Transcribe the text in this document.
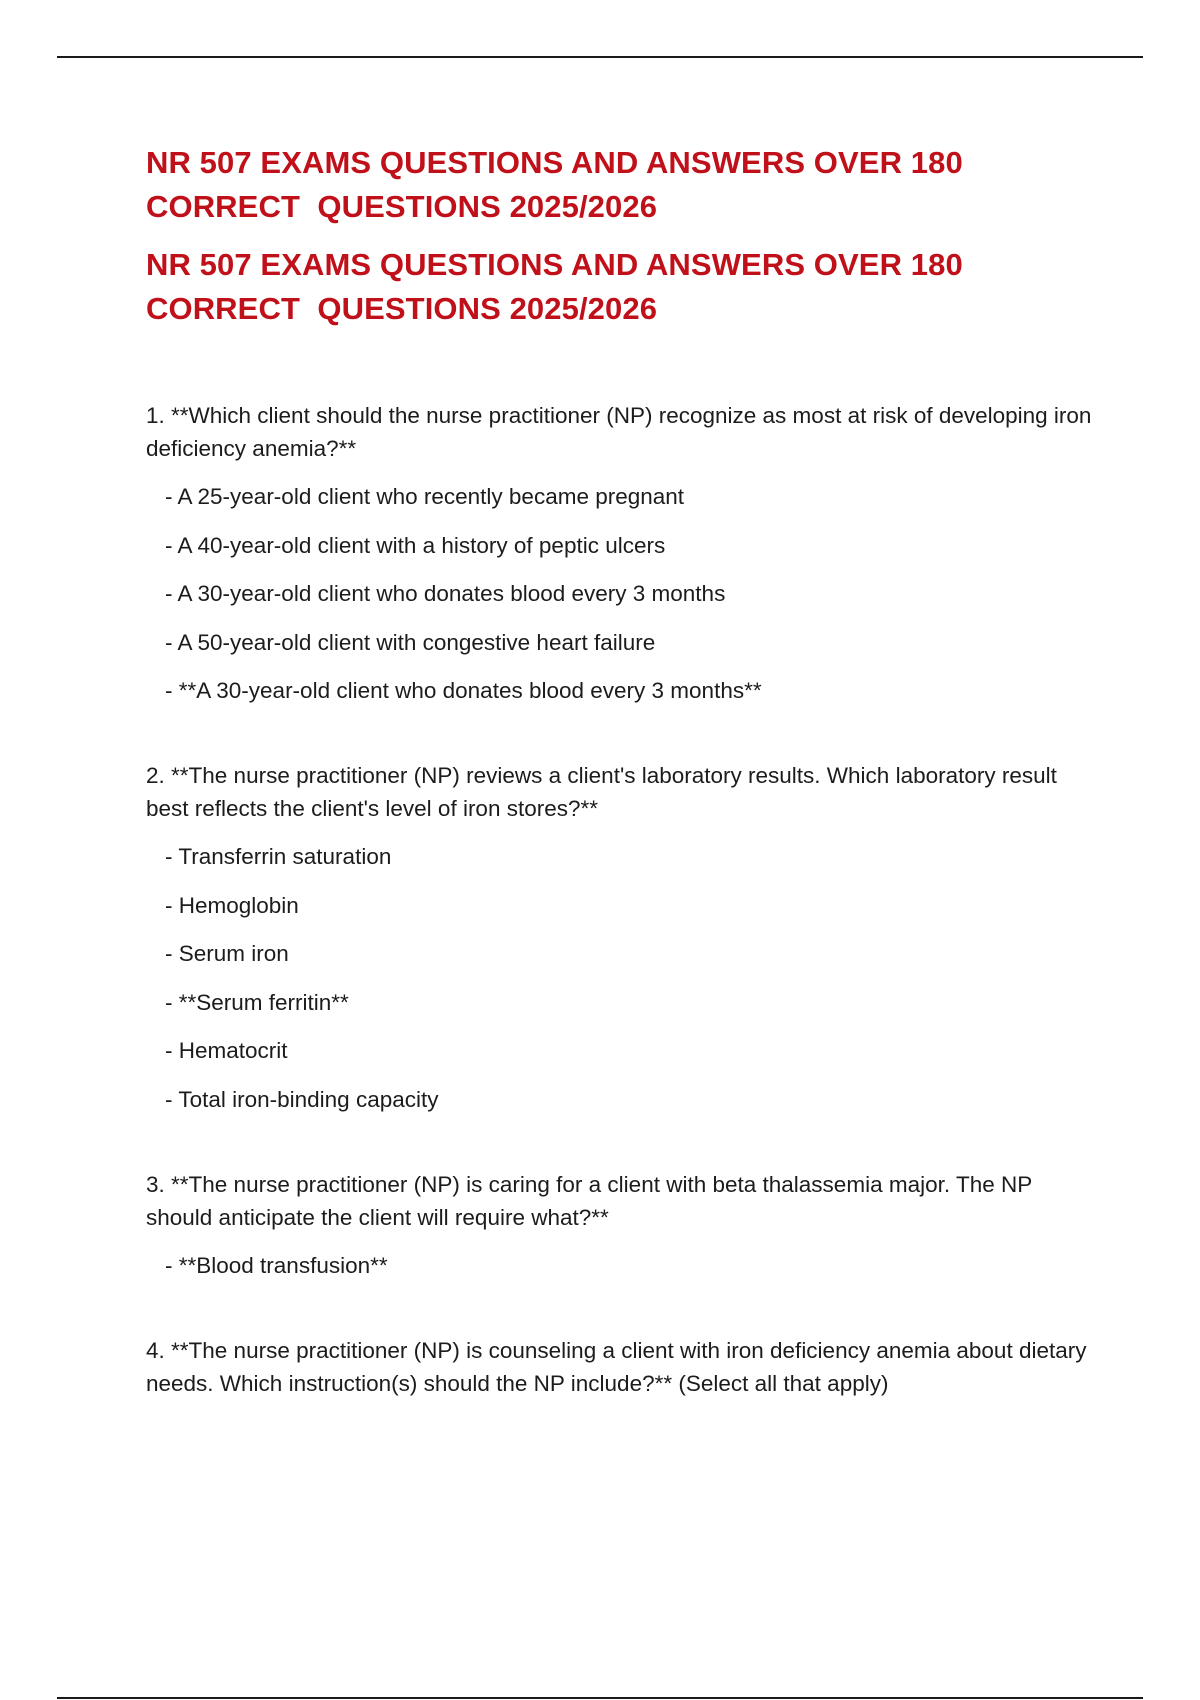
NR 507 EXAMS QUESTIONS AND ANSWERS OVER 180
CORRECT  QUESTIONS 2025/2026
NR 507 EXAMS QUESTIONS AND ANSWERS OVER 180
CORRECT  QUESTIONS 2025/2026

1. **Which client should the nurse practitioner (NP) recognize as most at risk of developing iron deficiency anemia?**

- A 25-year-old client who recently became pregnant
- A 40-year-old client with a history of peptic ulcers
- A 30-year-old client who donates blood every 3 months
- A 50-year-old client with congestive heart failure
- **A 30-year-old client who donates blood every 3 months**

2. **The nurse practitioner (NP) reviews a client's laboratory results. Which laboratory result best reflects the client's level of iron stores?**

- Transferrin saturation
- Hemoglobin
- Serum iron
- **Serum ferritin**
- Hematocrit
- Total iron-binding capacity

3. **The nurse practitioner (NP) is caring for a client with beta thalassemia major. The NP should anticipate the client will require what?**

- **Blood transfusion**

4. **The nurse practitioner (NP) is counseling a client with iron deficiency anemia about dietary needs. Which instruction(s) should the NP include?** (Select all that apply)
